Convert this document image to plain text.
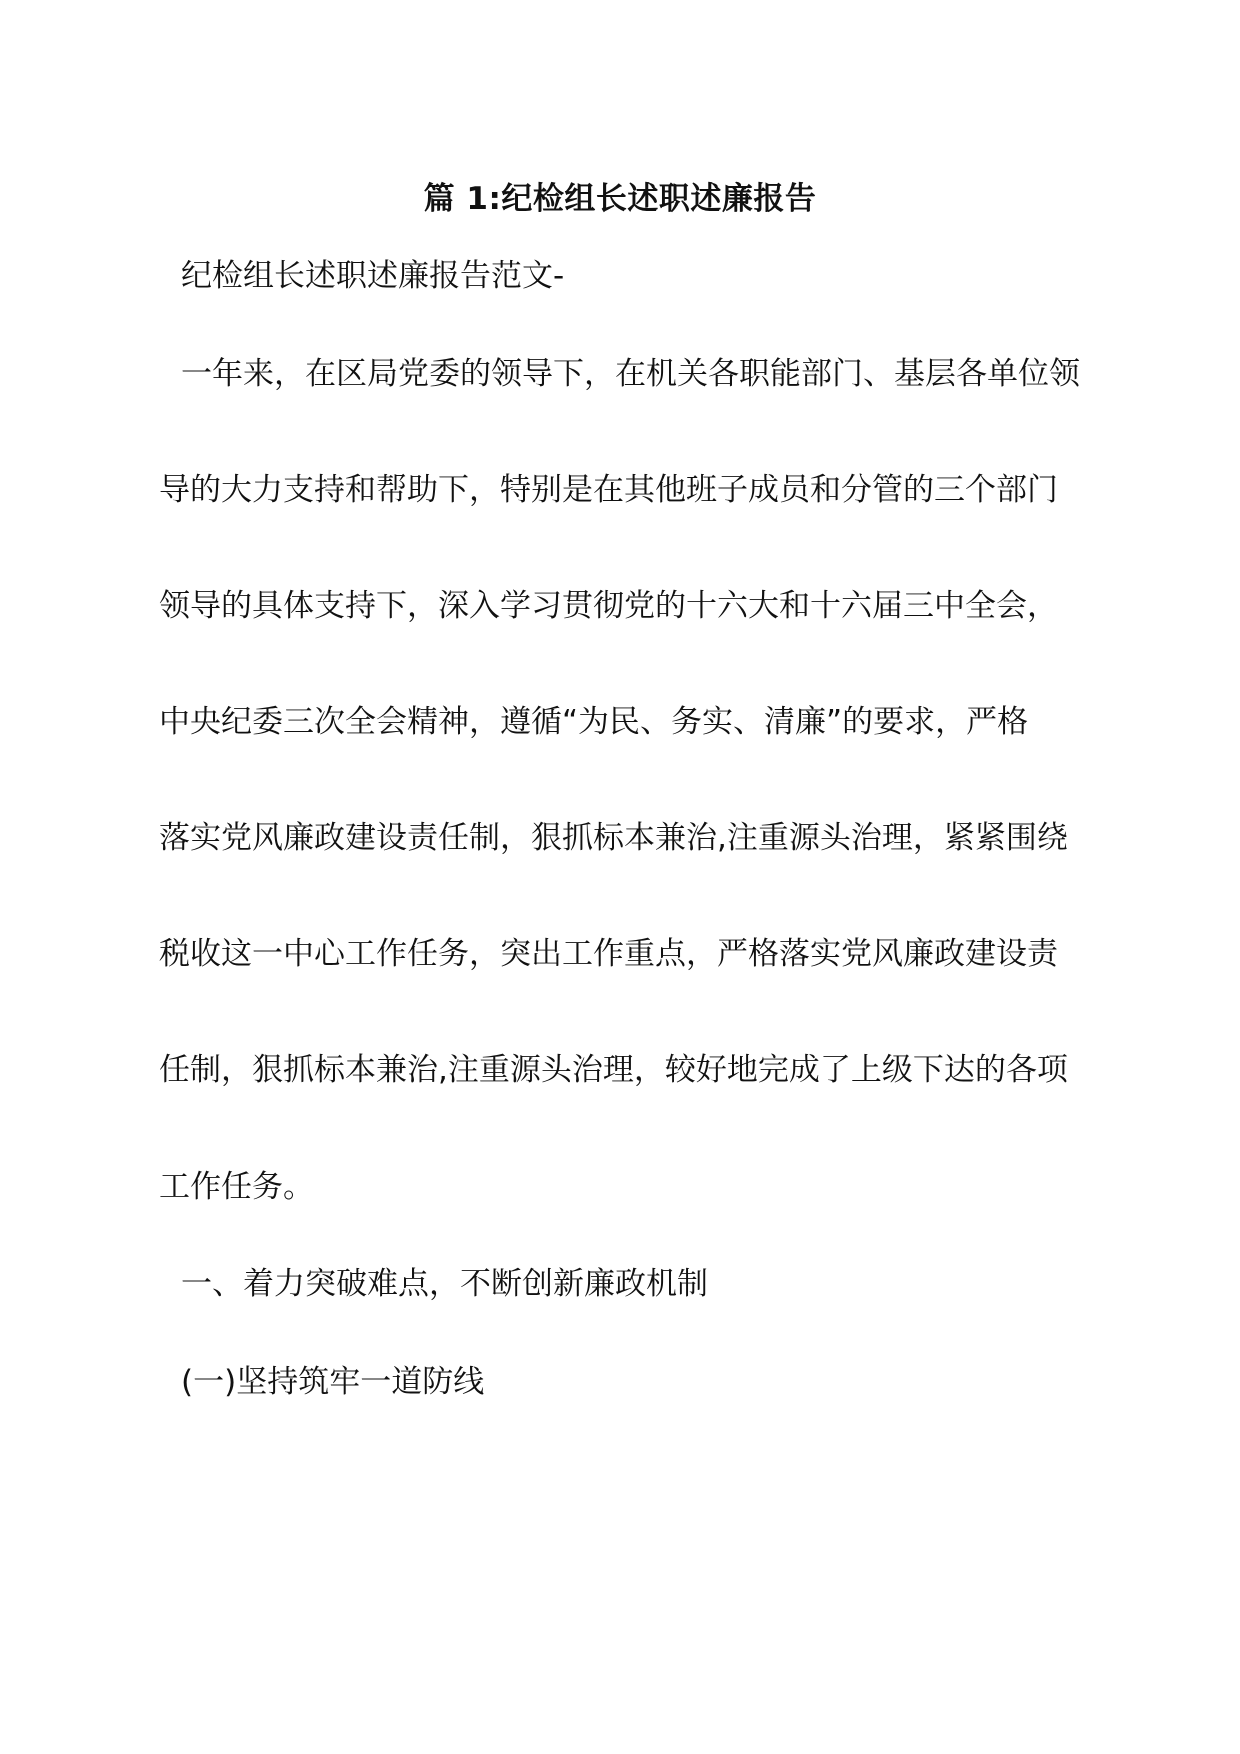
篇 1:纪检组长述职述廉报告
纪检组长述职述廉报告范文-
一年来，在区局党委的领导下，在机关各职能部门、基层各单位领
导的大力支持和帮助下，特别是在其他班子成员和分管的三个部门
领导的具体支持下，深入学习贯彻党的十六大和十六届三中全会，
中央纪委三次全会精神，遵循“为民、务实、清廉”的要求，严格
落实党风廉政建设责任制，狠抓标本兼治,注重源头治理，紧紧围绕
税收这一中心工作任务，突出工作重点，严格落实党风廉政建设责
任制，狠抓标本兼治,注重源头治理，较好地完成了上级下达的各项
工作任务。
一、着力突破难点，不断创新廉政机制
(一)坚持筑牢一道防线
